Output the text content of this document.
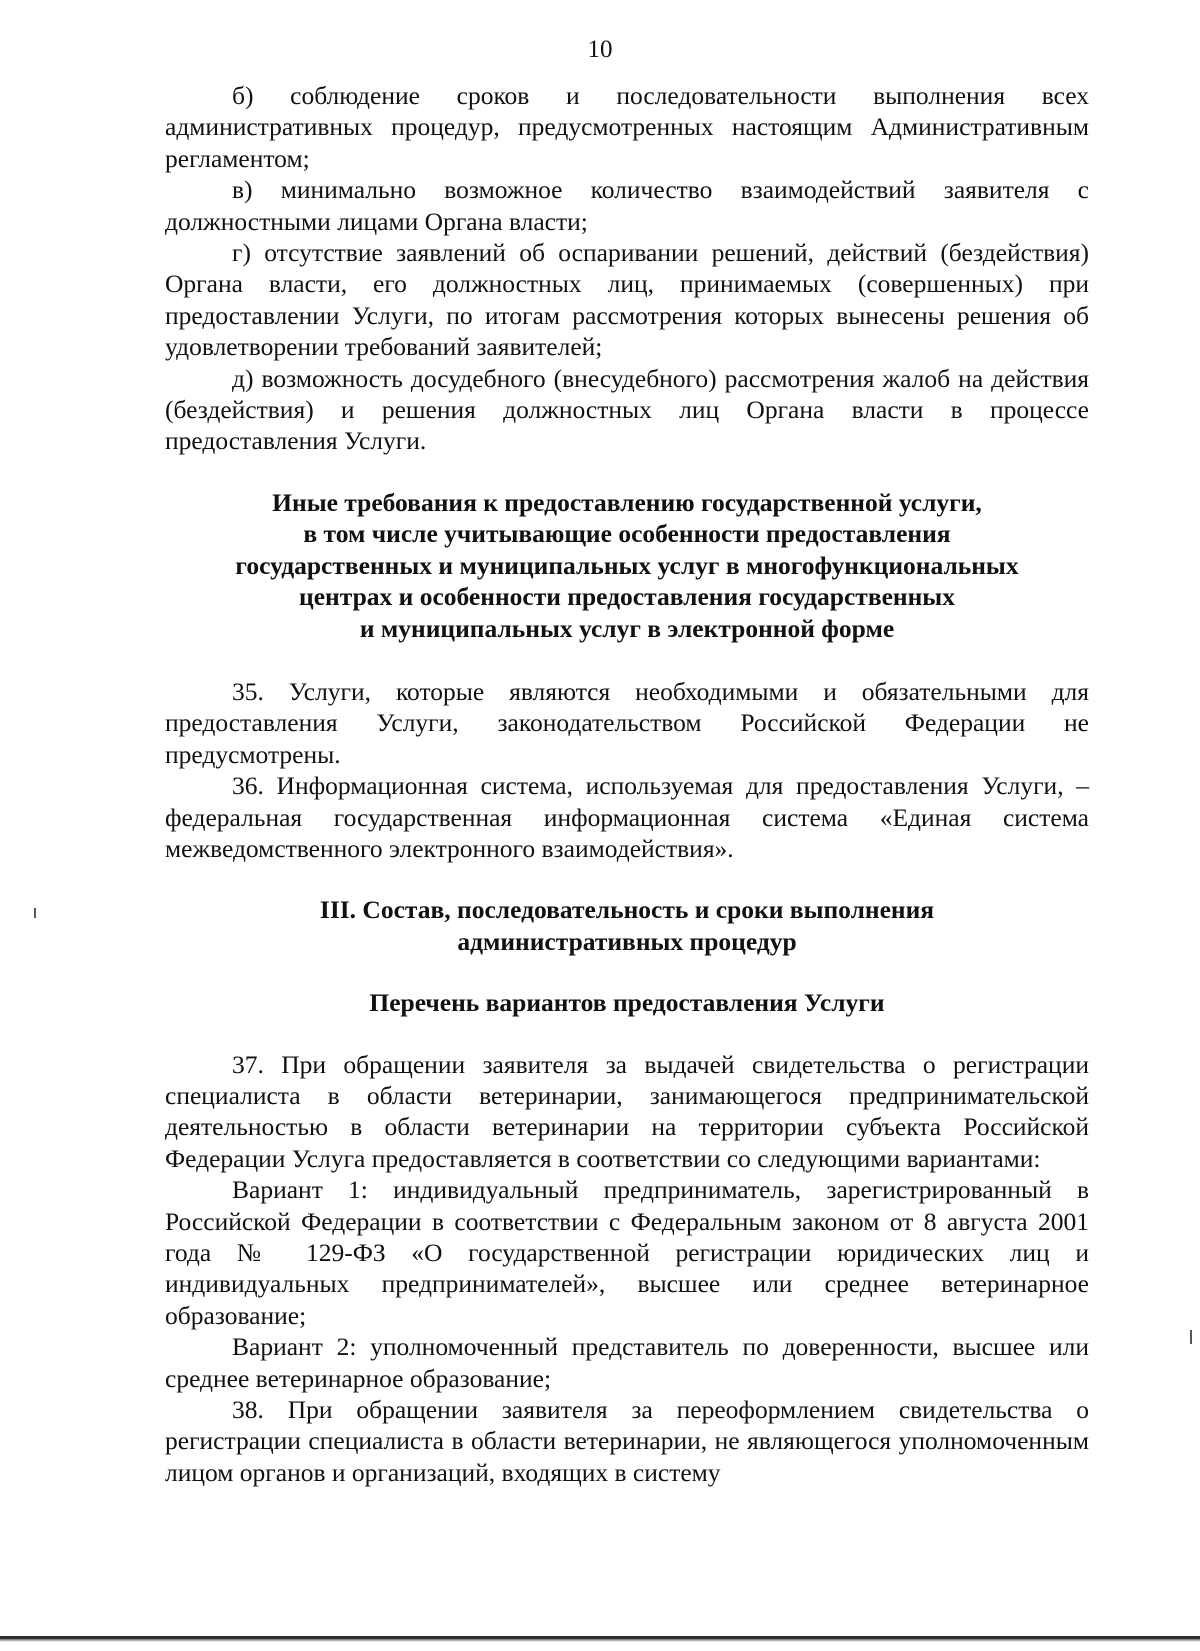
10

б) соблюдение сроков и последовательности выполнения всех административных процедур, предусмотренных настоящим Административным регламентом;

в) минимально возможное количество взаимодействий заявителя с должностными лицами Органа власти;

г) отсутствие заявлений об оспаривании решений, действий (бездействия) Органа власти, его должностных лиц, принимаемых (совершенных) при предоставлении Услуги, по итогам рассмотрения которых вынесены решения об удовлетворении требований заявителей;

д) возможность досудебного (внесудебного) рассмотрения жалоб на действия (бездействия) и решения должностных лиц Органа власти в процессе предоставления Услуги.

Иные требования к предоставлению государственной услуги,
в том числе учитывающие особенности предоставления
государственных и муниципальных услуг в многофункциональных
центрах и особенности предоставления государственных
и муниципальных услуг в электронной форме

35. Услуги, которые являются необходимыми и обязательными для предоставления Услуги, законодательством Российской Федерации не предусмотрены.

36. Информационная система, используемая для предоставления Услуги, – федеральная государственная информационная система «Единая система межведомственного электронного взаимодействия».

III. Состав, последовательность и сроки выполнения
административных процедур
Перечень вариантов предоставления Услуги

37. При обращении заявителя за выдачей свидетельства о регистрации специалиста в области ветеринарии, занимающегося предпринимательской деятельностью в области ветеринарии на территории субъекта Российской Федерации Услуга предоставляется в соответствии со следующими вариантами:

Вариант 1: индивидуальный предприниматель, зарегистрированный в Российской Федерации в соответствии с Федеральным законом от 8 августа 2001 года № 129-ФЗ «О государственной регистрации юридических лиц и индивидуальных предпринимателей», высшее или среднее ветеринарное образование;

Вариант 2: уполномоченный представитель по доверенности, высшее или среднее ветеринарное образование;

38. При обращении заявителя за переоформлением свидетельства о регистрации специалиста в области ветеринарии, не являющегося уполномоченным лицом органов и организаций, входящих в систему
